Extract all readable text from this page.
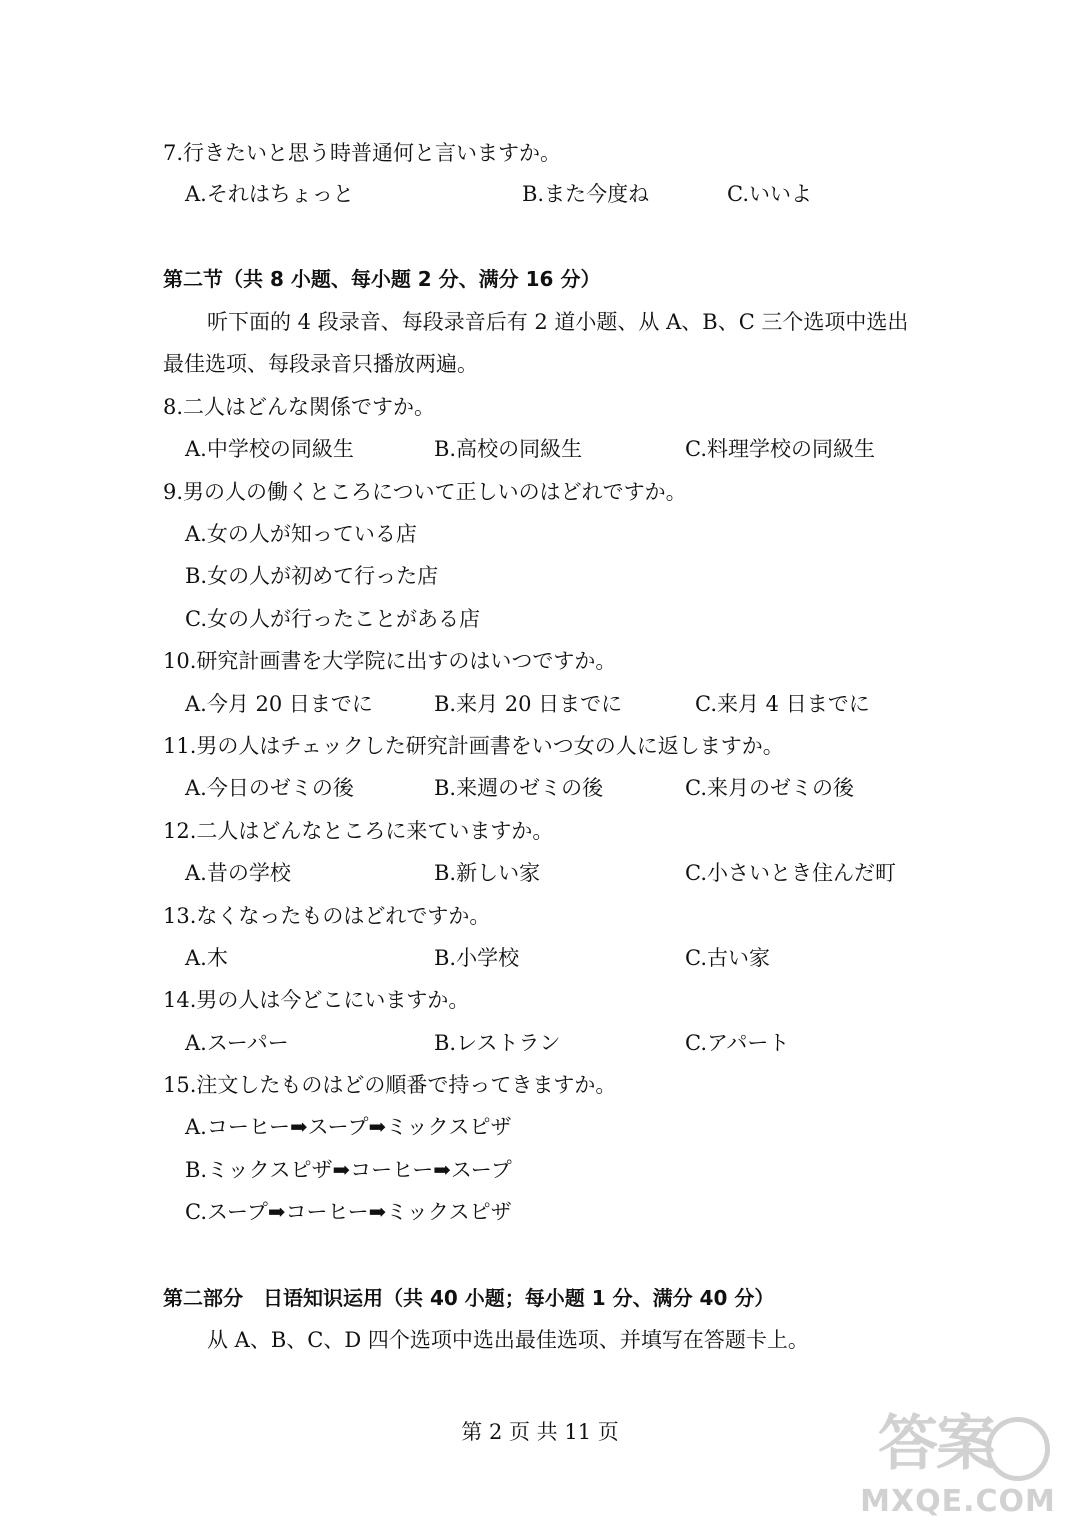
7.行きたいと思う時普通何と言いますか。
A.それはちょっと	B.また今度ね	C.いいよ
第二节（共 8 小题、每小题 2 分、满分 16 分）
听下面的 4 段录音、每段录音后有 2 道小题、从 A、B、C 三个选项中选出最佳选项、每段录音只播放两遍。
8.二人はどんな関係ですか。
A.中学校の同級生	B.高校の同級生	C.料理学校の同級生
9.男の人の働くところについて正しいのはどれですか。
A.女の人が知っている店
B.女の人が初めて行った店
C.女の人が行ったことがある店
10.研究計画書を大学院に出すのはいつですか。
A.今月 20 日までに	B.来月 20 日までに	C.来月 4 日までに
11.男の人はチェックした研究計画書をいつ女の人に返しますか。
A.今日のゼミの後	B.来週のゼミの後	C.来月のゼミの後
12.二人はどんなところに来ていますか。
A.昔の学校	B.新しい家	C.小さいとき住んだ町
13.なくなったものはどれですか。
A.木	B.小学校	C.古い家
14.男の人は今どこにいますか。
A.スーパー	B.レストラン	C.アパート
15.注文したものはどの順番で持ってきますか。
A.コーヒー➡スープ➡ミックスピザ
B.ミックスピザ➡コーヒー➡スープ
C.スープ➡コーヒー➡ミックスピザ
第二部分　日语知识运用（共 40 小题；每小题 1 分、满分 40 分）
从 A、B、C、D 四个选项中选出最佳选项、并填写在答题卡上。
第 2 页 共 11 页	答案
MXQE.COM
